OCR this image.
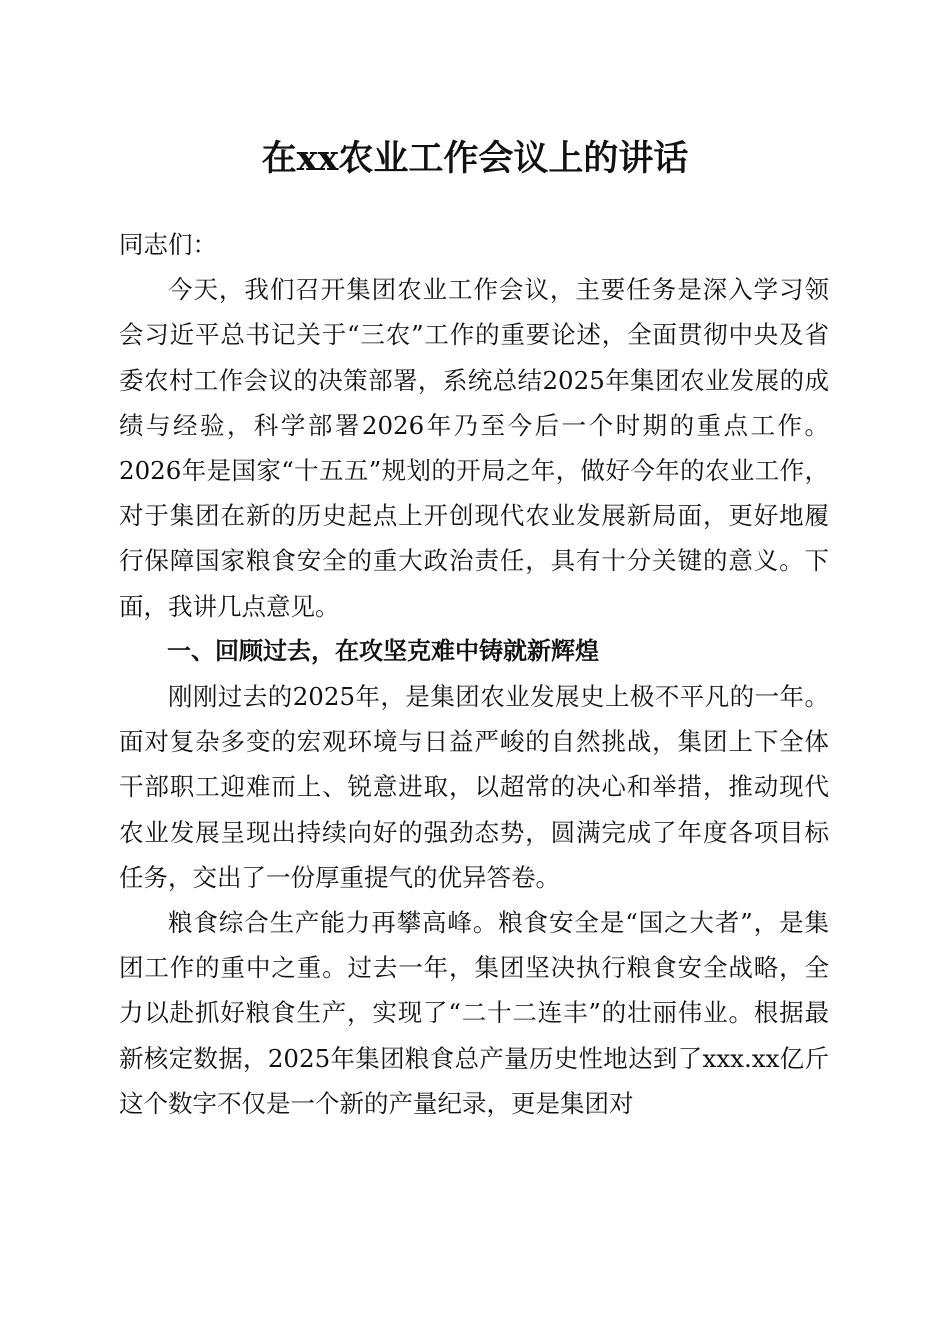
在xx农业工作会议上的讲话

同志们：

今天，我们召开集团农业工作会议，主要任务是深入学习领会习近平总书记关于“三农”工作的重要论述，全面贯彻中央及省委农村工作会议的决策部署，系统总结2025年集团农业发展的成绩与经验，科学部署2026年乃至今后一个时期的重点工作。2026年是国家“十五五”规划的开局之年，做好今年的农业工作，对于集团在新的历史起点上开创现代农业发展新局面，更好地履行保障国家粮食安全的重大政治责任，具有十分关键的意义。下面，我讲几点意见。

一、回顾过去，在攻坚克难中铸就新辉煌

刚刚过去的2025年，是集团农业发展史上极不平凡的一年。面对复杂多变的宏观环境与日益严峻的自然挑战，集团上下全体干部职工迎难而上、锐意进取，以超常的决心和举措，推动现代农业发展呈现出持续向好的强劲态势，圆满完成了年度各项目标任务，交出了一份厚重提气的优异答卷。

粮食综合生产能力再攀高峰。粮食安全是“国之大者”，是集团工作的重中之重。过去一年，集团坚决执行粮食安全战略，全力以赴抓好粮食生产，实现了“二十二连丰”的壮丽伟业。根据最新核定数据，2025年集团粮食总产量历史性地达到了xxx.xx亿斤这个数字不仅是一个新的产量纪录，更是集团对
